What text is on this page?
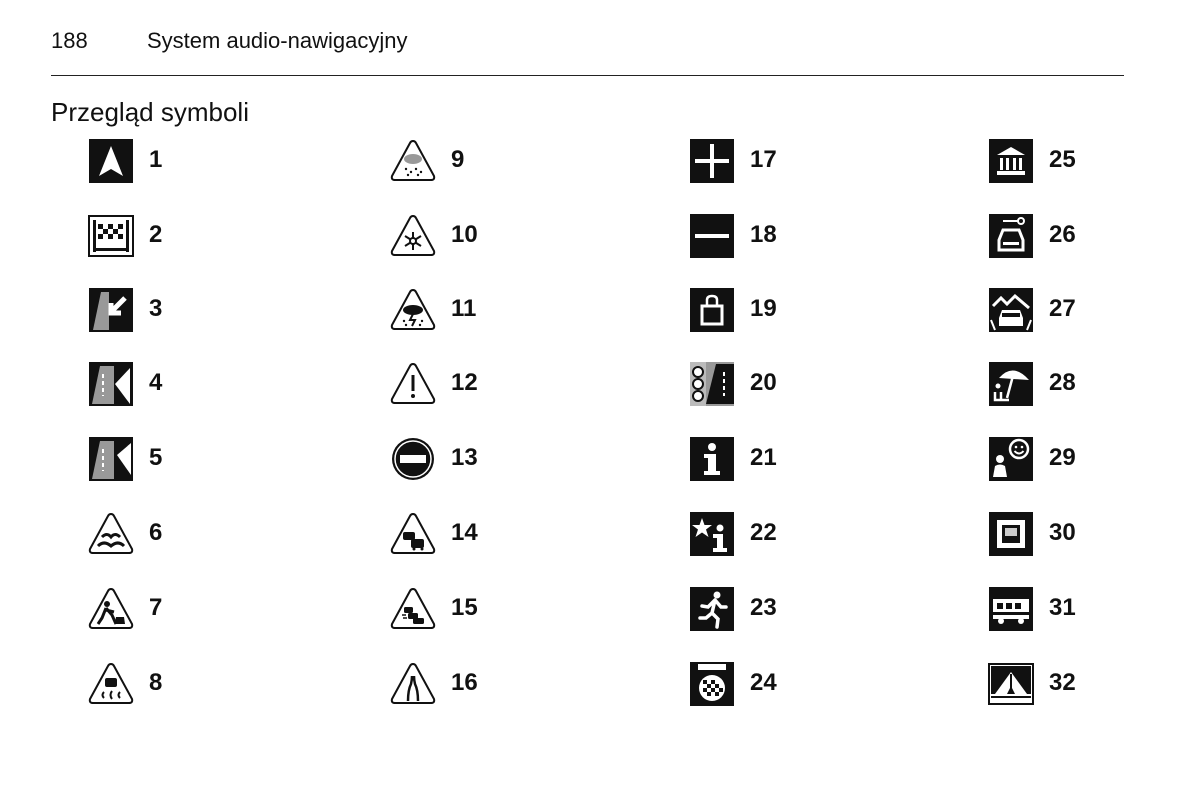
188	System audio-nawigacyjny
Przegląd symboli
1
2
3
4
5
6
7
8
9
10
11
12
13
14
15
16
17
18
19
20
21
22
23
24
25
26
27
28
29
30
31
32
